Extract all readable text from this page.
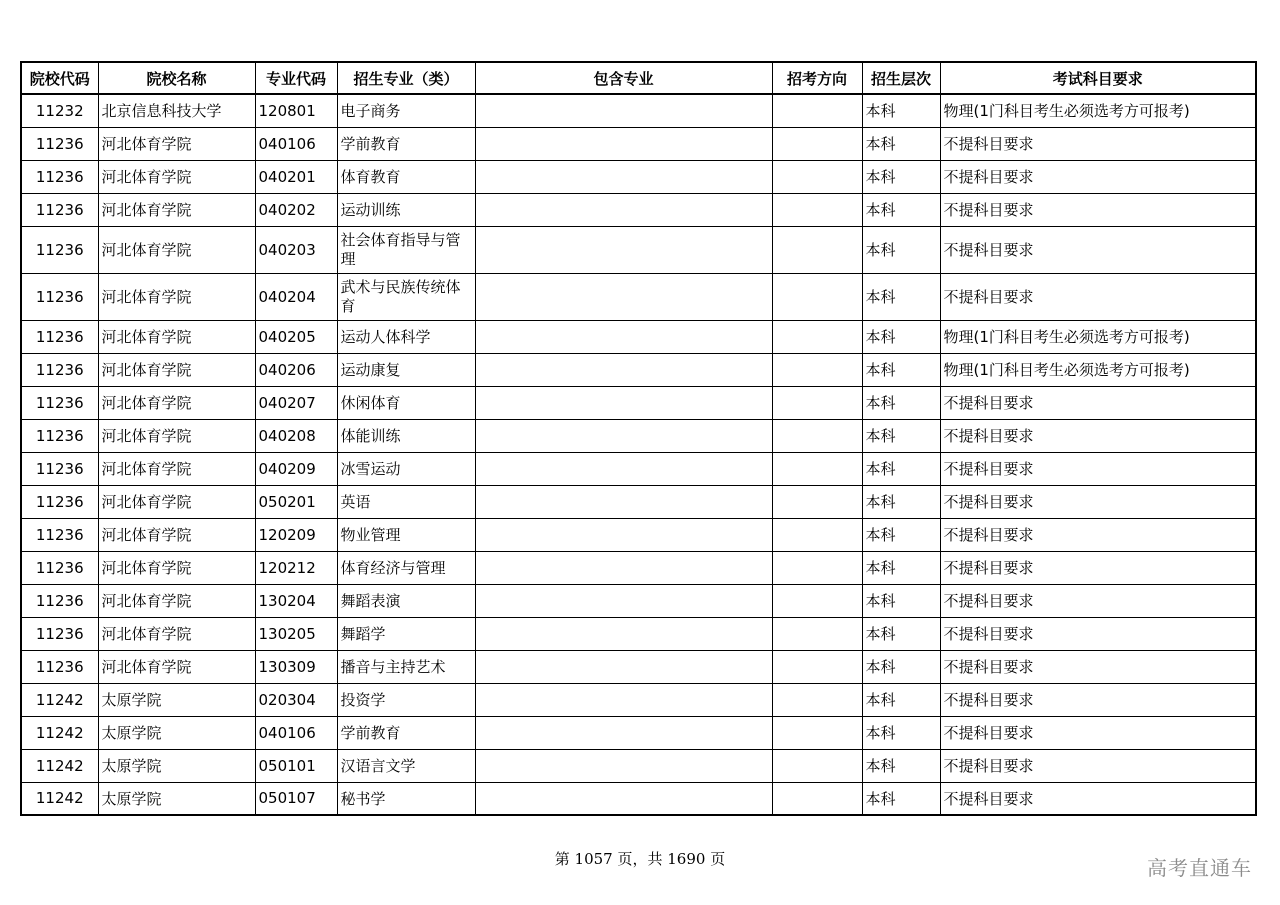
院校代码	院校名称	专业代码	招生专业（类）	包含专业	招考方向	招生层次	考试科目要求
11232	北京信息科技大学	120801	电子商务			本科	物理(1门科目考生必须选考方可报考)
11236	河北体育学院	040106	学前教育			本科	不提科目要求
11236	河北体育学院	040201	体育教育			本科	不提科目要求
11236	河北体育学院	040202	运动训练			本科	不提科目要求
11236	河北体育学院	040203	社会体育指导与管理			本科	不提科目要求
11236	河北体育学院	040204	武术与民族传统体育			本科	不提科目要求
11236	河北体育学院	040205	运动人体科学			本科	物理(1门科目考生必须选考方可报考)
11236	河北体育学院	040206	运动康复			本科	物理(1门科目考生必须选考方可报考)
11236	河北体育学院	040207	休闲体育			本科	不提科目要求
11236	河北体育学院	040208	体能训练			本科	不提科目要求
11236	河北体育学院	040209	冰雪运动			本科	不提科目要求
11236	河北体育学院	050201	英语			本科	不提科目要求
11236	河北体育学院	120209	物业管理			本科	不提科目要求
11236	河北体育学院	120212	体育经济与管理			本科	不提科目要求
11236	河北体育学院	130204	舞蹈表演			本科	不提科目要求
11236	河北体育学院	130205	舞蹈学			本科	不提科目要求
11236	河北体育学院	130309	播音与主持艺术			本科	不提科目要求
11242	太原学院	020304	投资学			本科	不提科目要求
11242	太原学院	040106	学前教育			本科	不提科目要求
11242	太原学院	050101	汉语言文学			本科	不提科目要求
11242	太原学院	050107	秘书学			本科	不提科目要求
第 1057 页，共 1690 页	高考直通车
